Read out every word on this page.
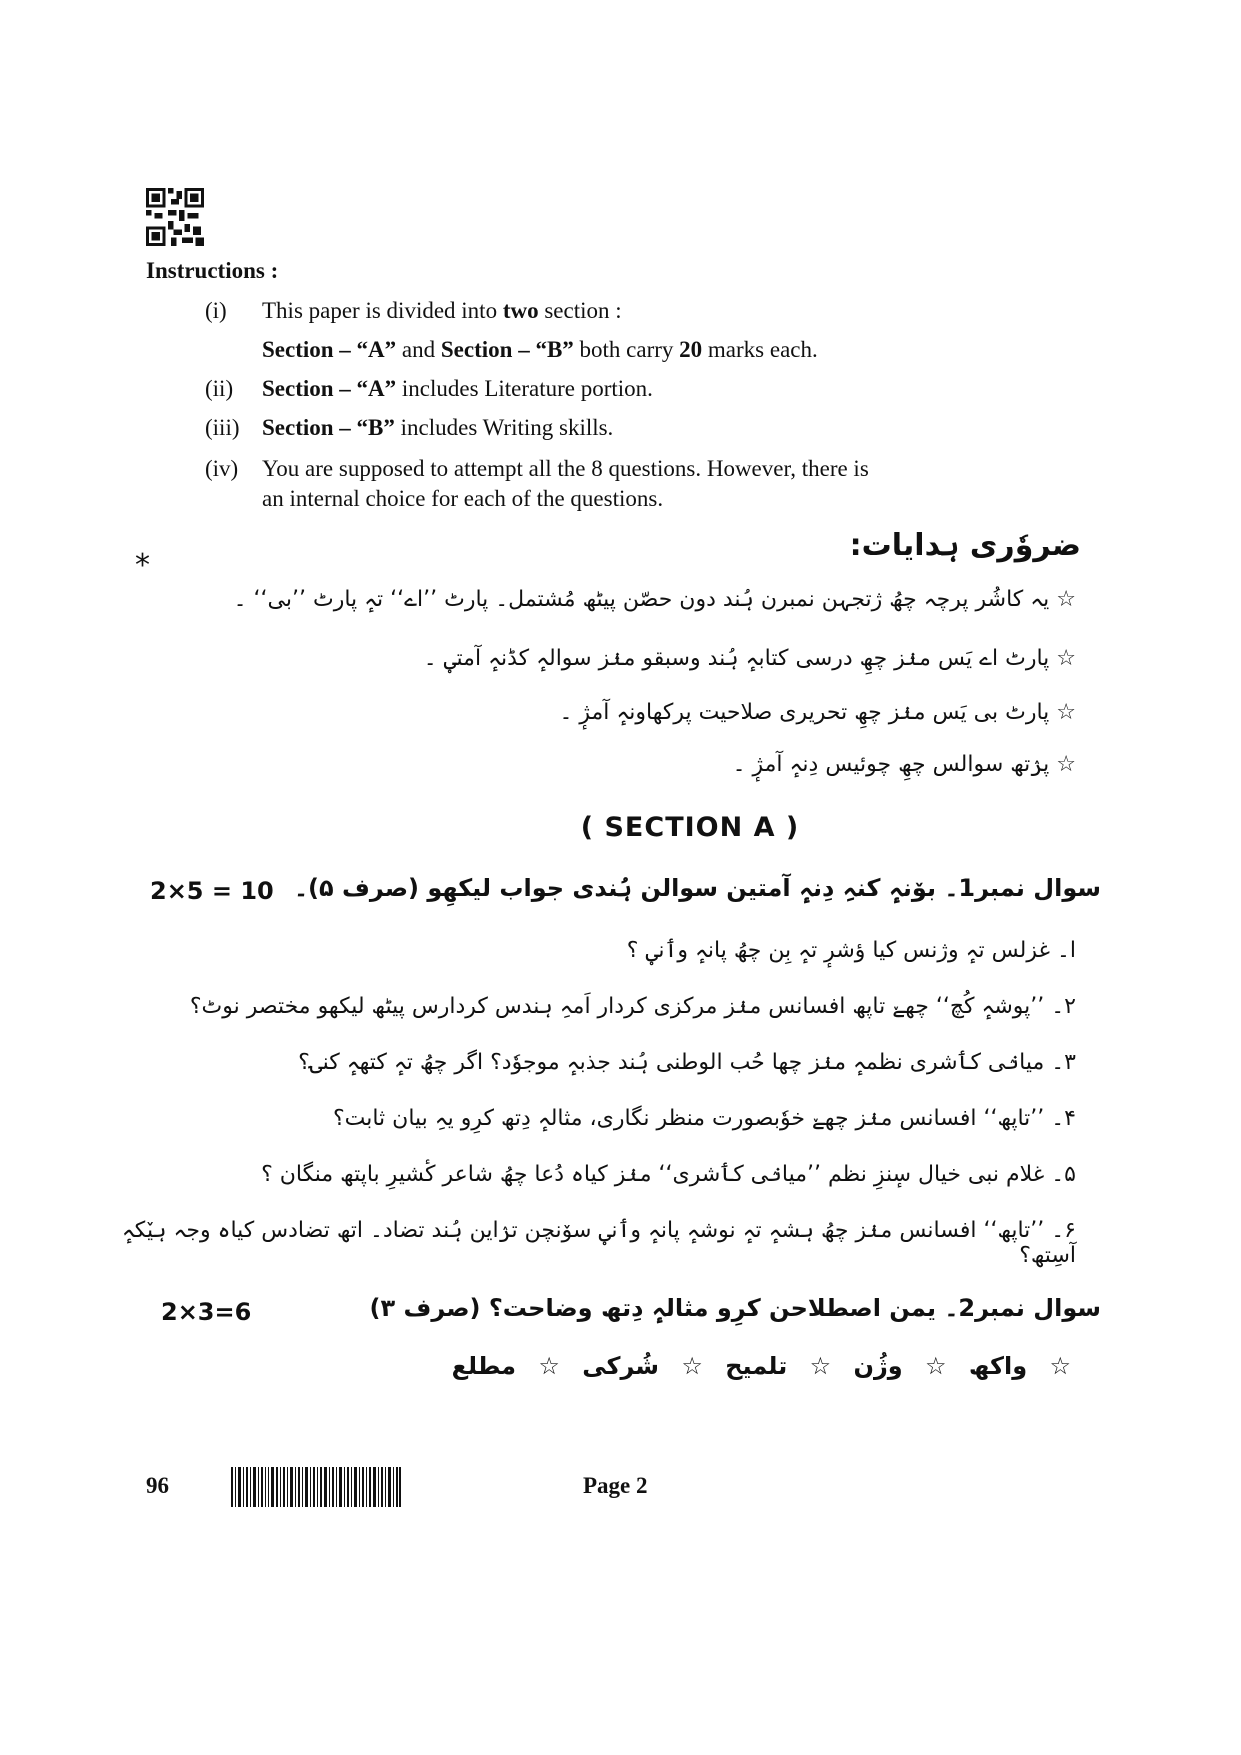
Instructions :
(i)	This paper is divided into two section :
Section – “A” and Section – “B” both carry 20 marks each.
(ii)	Section – “A” includes Literature portion.
(iii) Section – “B” includes Writing skills.
(iv)	You are supposed to attempt all the 8 questions. However, there is
an internal choice for each of the questions.
*
ضروٗری ہدایات:
☆ یہ کاشُر پرچہ چھُ ژتجہن نمبرن ہُند دون حصّن پیٹھ مُشتمل۔ پارٹ ’’اے‘‘ تہٕ پارٹ ’’بی‘‘ ۔
☆ پارٹ اے یَس منٛز چھِ درسی کتابہٕ ہُند وسبقو منٛز سوالہٕ کڈنہٕ آمتؠ ۔
☆ پارٹ بی یَس منٛز چھِ تحریری صلاحیت پرکھاونہٕ آمژٕ ۔
☆ پرٛتھ سوالس چھِ چوئیس دِنہٕ آمژٕ ۔
( SECTION A )
2×5 = 10 سوال نمبر1۔ بوٚنہٕ کنہِ دِنہٕ آمتین سوالن ہُندی جواب لیکھِو (صرف ۵)۔
ا۔ غزلس تہٕ وژنس کیا ؤشرٕ تہٕ بِن چھُ پانہٕ وٲنؠ ؟
۲۔ ’’پوشہٕ کُچ‘‘ چھےٚ تاپھ افسانس منٛز مرکزی کردار اَمہِ ہندس کردارس پیٹھ لیکھو مختصر نوٹ؟
۳۔ میانٛی کٲشری نظمہٕ منٛز چھا حُب الوطنی ہُند جذبہٕ موجوٗد؟ اگر چھُ تہٕ کتھہٕ کنۍ؟
۴۔ ’’تاپھ‘‘ افسانس منٛز چھےٚ خوٗبصورت منظر نگاری، مثالہٕ دِتھ کرِو یہِ بیان ثابت؟
۵۔ غلام نبی خیال سٕنزِ نظم ’’میانٛی کٲشری‘‘ منٛز کیاہ دُعا چھُ شاعر کٔشیرِ باپتھ منگان ؟
۶۔ ’’تاپھ‘‘ افسانس منٛز چھُ ہشہٕ تہٕ نوشہٕ پانہٕ وٲنؠ سوٚنچن ترٛاین ہُند تضاد۔ اتھ تضادس کیاہ وجہ ہیٚکہٕ آسِتھ؟
2×3=6	سوال نمبر2۔ یمن اصطلاحن کرِو مثالہٕ دِتھ وضاحت؟ (صرف ۳)
☆ واکھ ☆ وژُن ☆ تلمیح ☆ شُرکی ☆ مطلع
96	Page 2
